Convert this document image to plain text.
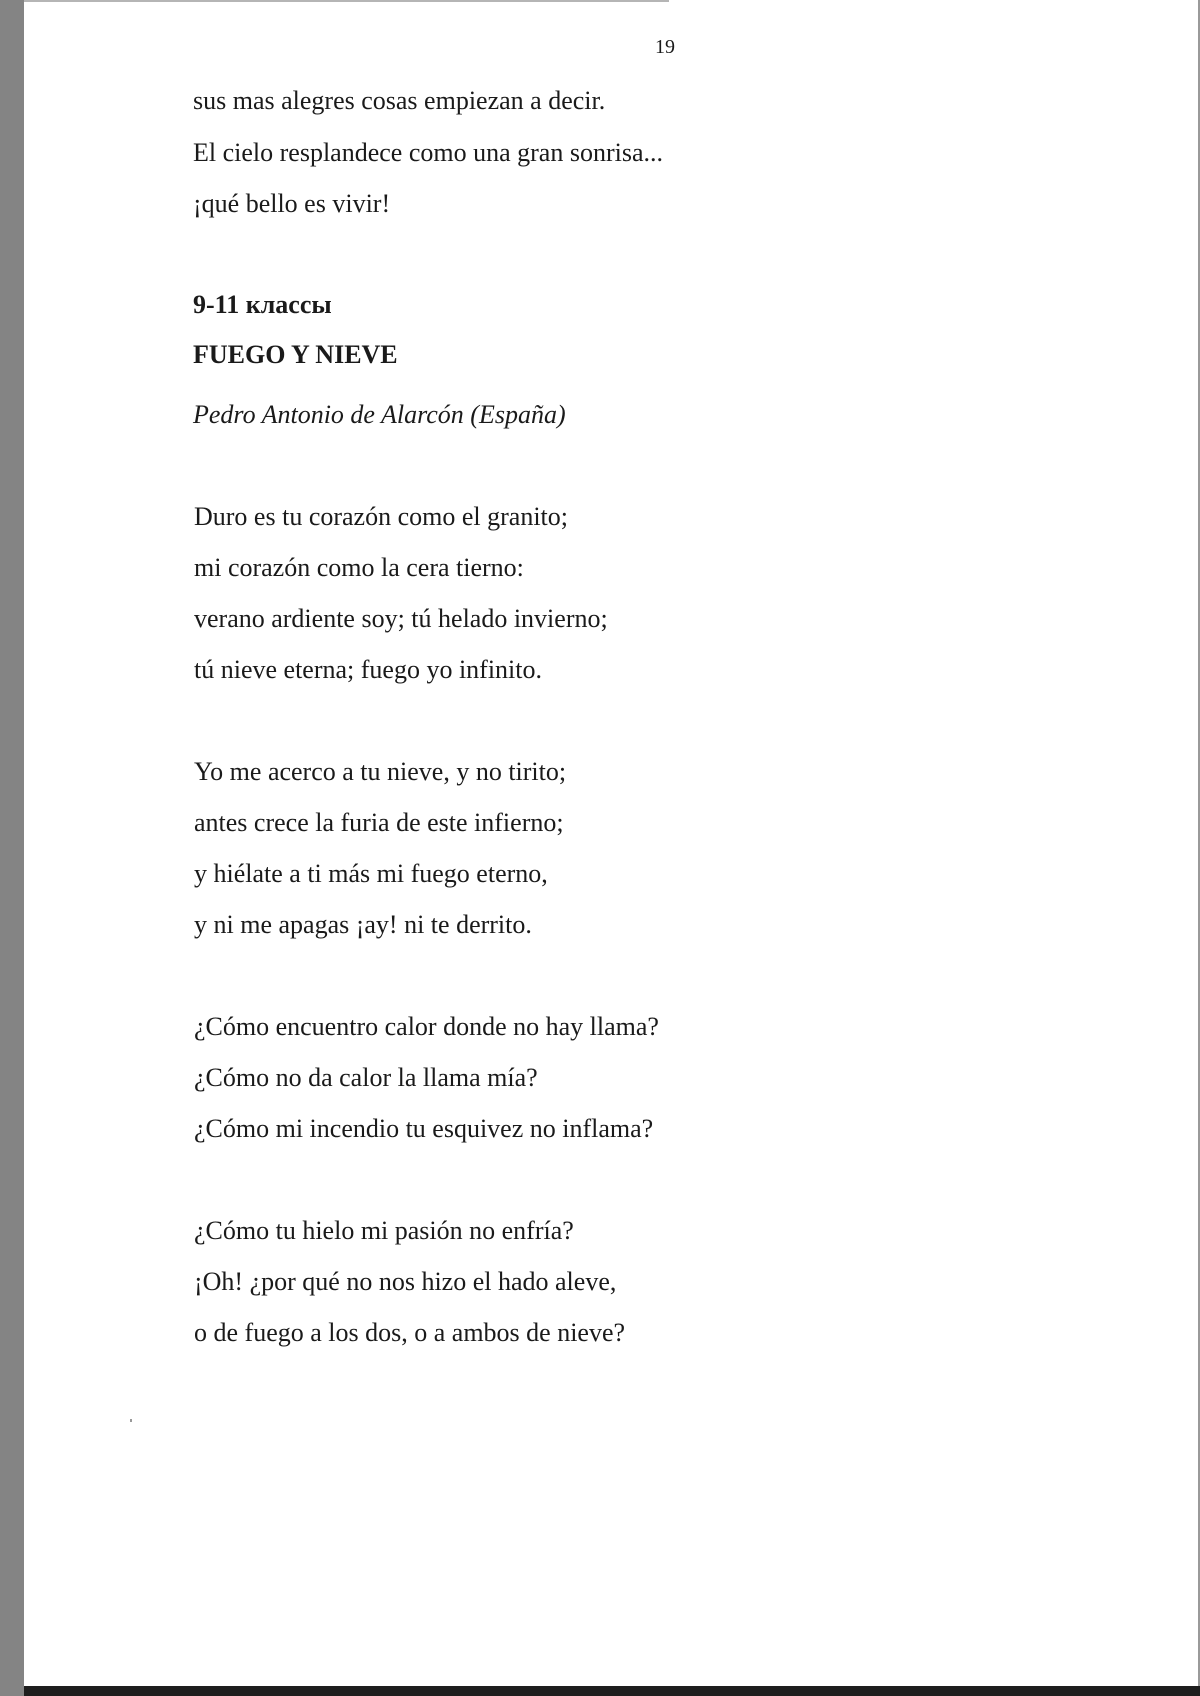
19
sus mas alegres cosas empiezan a decir.
El cielo resplandece como una gran sonrisa...
¡qué bello es vivir!
9-11 классы
FUEGO Y NIEVE
Pedro Antonio de Alarcón (España)
Duro es tu corazón como el granito;
mi corazón como la cera tierno:
verano ardiente soy; tú helado invierno;
tú nieve eterna; fuego yo infinito.
Yo me acerco a tu nieve, y no tirito;
antes crece la furia de este infierno;
y hiélate a ti más mi fuego eterno,
y ni me apagas ¡ay! ni te derrito.
¿Cómo encuentro calor donde no hay llama?
¿Cómo no da calor la llama mía?
¿Cómo mi incendio tu esquivez no inflama?
¿Cómo tu hielo mi pasión no enfría?
¡Oh! ¿por qué no nos hizo el hado aleve,
o de fuego a los dos, o a ambos de nieve?
